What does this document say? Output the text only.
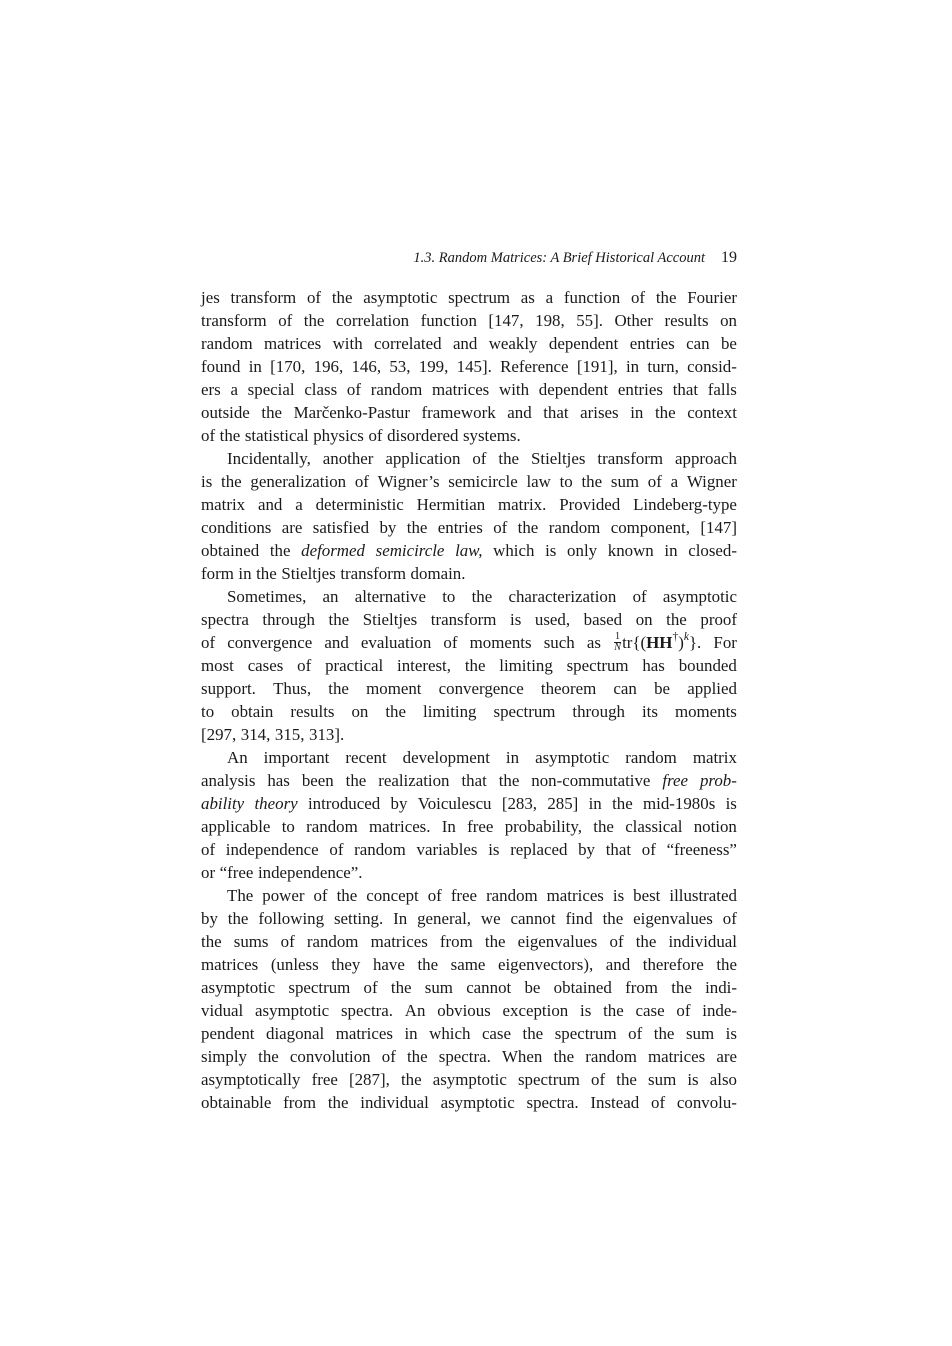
1.3. Random Matrices: A Brief Historical Account 19
jes transform of the asymptotic spectrum as a function of the Fourier
transform of the correlation function [147, 198, 55]. Other results on
random matrices with correlated and weakly dependent entries can be
found in [170, 196, 146, 53, 199, 145]. Reference [191], in turn, consid-
ers a special class of random matrices with dependent entries that falls
outside the Marčenko-Pastur framework and that arises in the context
of the statistical physics of disordered systems.
Incidentally, another application of the Stieltjes transform approach
is the generalization of Wigner’s semicircle law to the sum of a Wigner
matrix and a deterministic Hermitian matrix. Provided Lindeberg-type
conditions are satisfied by the entries of the random component, [147]
obtained the deformed semicircle law, which is only known in closed-
form in the Stieltjes transform domain.
Sometimes, an alternative to the characterization of asymptotic
spectra through the Stieltjes transform is used, based on the proof
of convergence and evaluation of moments such as $\frac{1}{N} tr\{(HH^\dagger)^k\}$. For
most cases of practical interest, the limiting spectrum has bounded
support. Thus, the moment convergence theorem can be applied
to obtain results on the limiting spectrum through its moments
[297, 314, 315, 313].
An important recent development in asymptotic random matrix
analysis has been the realization that the non-commutative free prob-
ability theory introduced by Voiculescu [283, 285] in the mid-1980s is
applicable to random matrices. In free probability, the classical notion
of independence of random variables is replaced by that of “freeness”
or “free independence”.
The power of the concept of free random matrices is best illustrated
by the following setting. In general, we cannot find the eigenvalues of
the sums of random matrices from the eigenvalues of the individual
matrices (unless they have the same eigenvectors), and therefore the
asymptotic spectrum of the sum cannot be obtained from the indi-
vidual asymptotic spectra. An obvious exception is the case of inde-
pendent diagonal matrices in which case the spectrum of the sum is
simply the convolution of the spectra. When the random matrices are
asymptotically free [287], the asymptotic spectrum of the sum is also
obtainable from the individual asymptotic spectra. Instead of convolu-
